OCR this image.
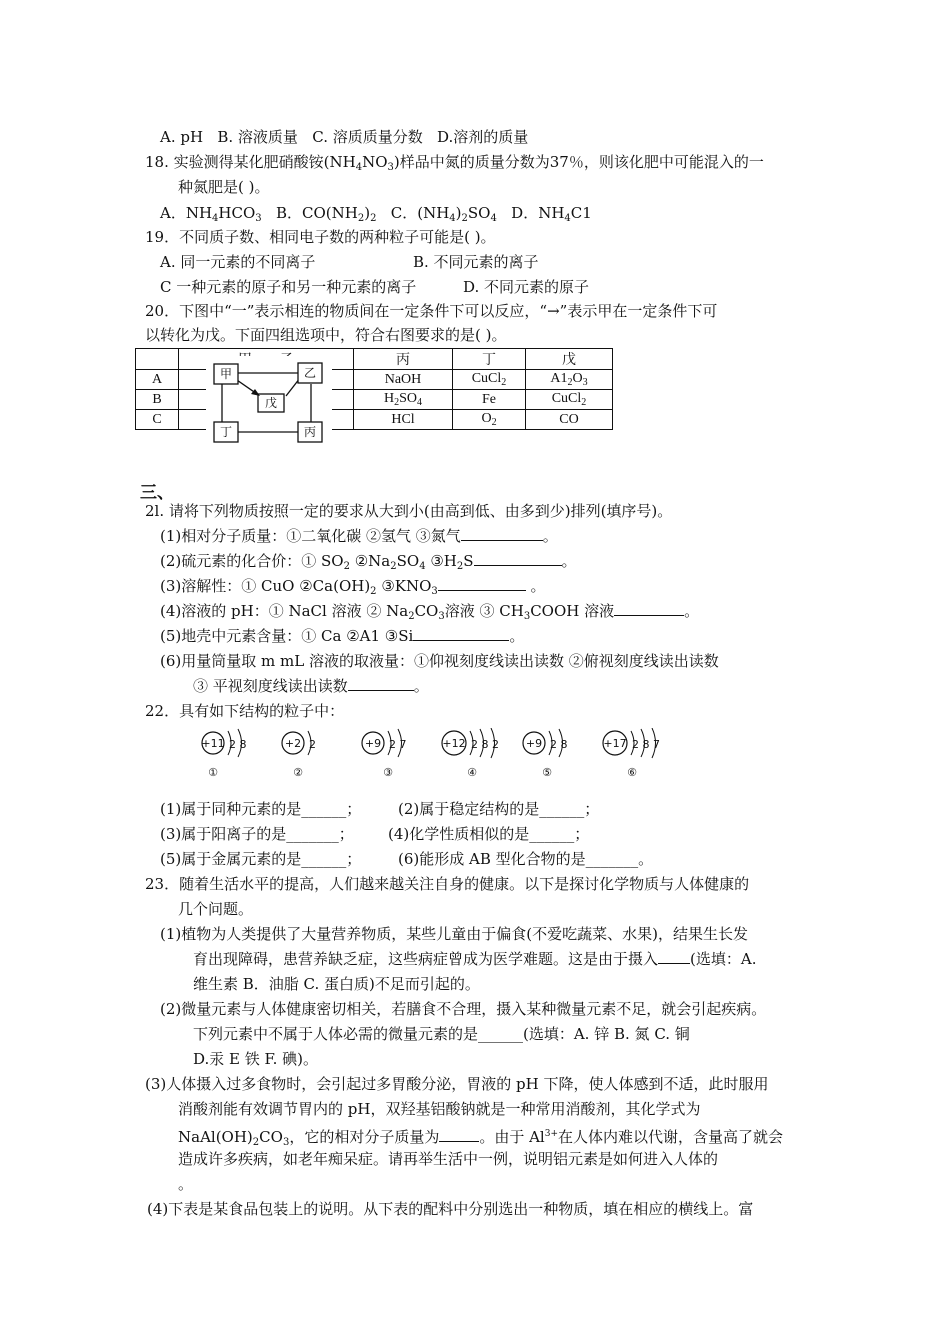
A. pH B. 溶液质量 C. 溶质质量分数 D.溶剂的质量
18. 实验测得某化肥硝酸铵$(NH_4NO_3)$样品中氮的质量分数为37％，则该化肥中可能混入的一
种氮肥是( )。
A．$NH_4HCO_3$ B．$CO(NH_2)_2$ C．$(NH_4)_2SO_4$ D．$NH_4C1$
19．不同质子数、相同电子数的两种粒子可能是( )。
A. 同一元素的不同离子	B. 不同元素的离子
C 一种元素的原子和另一种元素的离子	D. 不同元素的原子
20．下图中“一”表示相连的物质间在一定条件下可以反应，“→”表示甲在一定条件下可
以转化为戊。下面四组选项中，符合右图要求的是( )。
		丙	丁	戊
A		NaOH	CuCl$_2$	$A1_2O_3$
B		$H_2SO_4$	Fe	CuCl$_2$
C		HCl	$O_2$	CO
甲	乙
戊
丁	丙
三、
2l. 请将下列物质按照一定的要求从大到小(由高到低、由多到少)排列(填序号)。
(1)相对分子质量：①二氧化碳 ②氢气 ③氮气	。
(2)硫元素的化合价：① $SO_2$ $②Na_2SO_4$ $③H_2S$	。
(3)溶解性：① CuO $②Ca(OH)_2$ $③KNO_3$	。
(4)溶液的 pH：① NaCl 溶液 ② $Na_2CO_3$溶液 ③ $CH_3COOH$ 溶液	。
(5)地壳中元素含量：① Ca ②A1 ③Si	。
(6)用量筒量取 m mL 溶液的取液量：①仰视刻度线读出读数 ②俯视刻度线读出读数
③ 平视刻度线读出读数	。
22．具有如下结构的粒子中：
+11 2 8
①
+2 2
②
+9 2 7
③
+12 2 8 2
④
+9 2 8
⑤
+17 2 8 7
⑥
(1)属于同种元素的是______； (2)属于稳定结构的是______；
(3)属于阳离子的是_______； (4)化学性质相似的是______；
(5)属于金属元素的是______； (6)能形成 AB 型化合物的是_______。
23．随着生活水平的提高，人们越来越关注自身的健康。以下是探讨化学物质与人体健康的
几个问题。
(1)植物为人类提供了大量营养物质，某些儿童由于偏食(不爱吃蔬菜、水果)，结果生长发
育出现障碍，患营养缺乏症，这些病症曾成为医学难题。这是由于摄入 (选填：A.
维生素 B．油脂 C. 蛋白质)不足而引起的。
(2)微量元素与人体健康密切相关，若膳食不合理，摄入某种微量元素不足，就会引起疾病。
下列元素中不属于人体必需的微量元素的是______(选填：A. 锌 B. 氮 C. 铜
D.汞 E 铁 F. 碘)。
(3)人体摄入过多食物时，会引起过多胃酸分泌，胃液的 pH 下降，使人体感到不适，此时服用
消酸剂能有效调节胃内的 pH，双羟基铝酸钠就是一种常用消酸剂，其化学式为
$NaAl(OH)_2CO_3$，它的相对分子质量为	。由于 $Al^{3+}$在人体内难以代谢，含量高了就会
造成许多疾病，如老年痴呆症。请再举生活中一例，说明铝元素是如何进入人体的
。
(4)下表是某食品包装上的说明。从下表的配料中分别选出一种物质，填在相应的横线上。富
